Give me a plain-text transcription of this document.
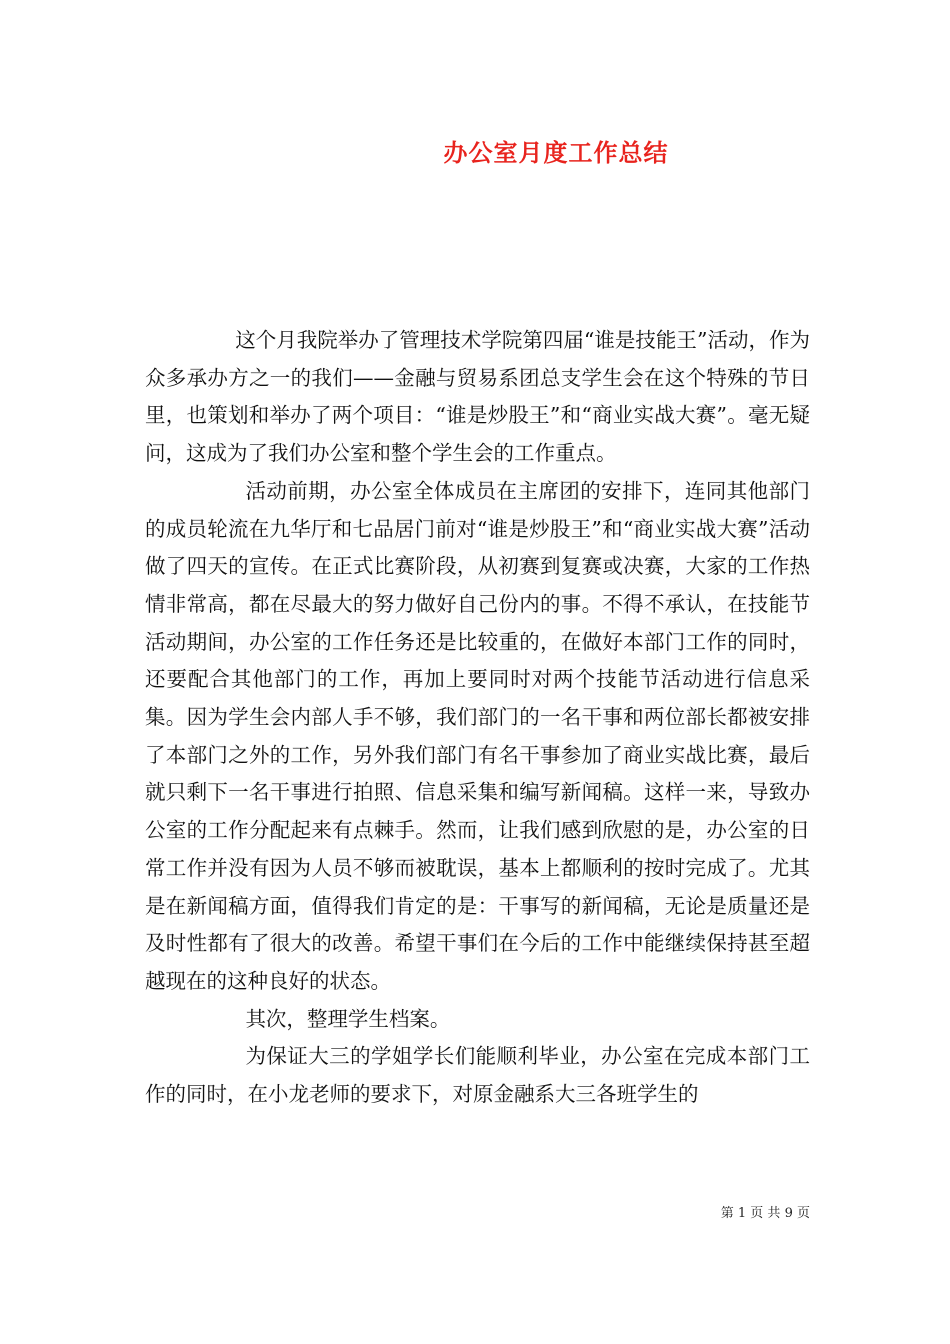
办公室月度工作总结

这个月我院举办了管理技术学院第四届“谁是技能王”活动，作为众多承办方之一的我们——金融与贸易系团总支学生会在这个特殊的节日里，也策划和举办了两个项目：“谁是炒股王”和“商业实战大赛”。毫无疑问，这成为了我们办公室和整个学生会的工作重点。

活动前期，办公室全体成员在主席团的安排下，连同其他部门的成员轮流在九华厅和七品居门前对“谁是炒股王”和“商业实战大赛”活动做了四天的宣传。在正式比赛阶段，从初赛到复赛或决赛，大家的工作热情非常高，都在尽最大的努力做好自己份内的事。不得不承认，在技能节活动期间，办公室的工作任务还是比较重的，在做好本部门工作的同时，还要配合其他部门的工作，再加上要同时对两个技能节活动进行信息采集。因为学生会内部人手不够，我们部门的一名干事和两位部长都被安排了本部门之外的工作，另外我们部门有名干事参加了商业实战比赛，最后就只剩下一名干事进行拍照、信息采集和编写新闻稿。这样一来，导致办公室的工作分配起来有点棘手。然而，让我们感到欣慰的是，办公室的日常工作并没有因为人员不够而被耽误，基本上都顺利的按时完成了。尤其是在新闻稿方面，值得我们肯定的是：干事写的新闻稿，无论是质量还是及时性都有了很大的改善。希望干事们在今后的工作中能继续保持甚至超越现在的这种良好的状态。

其次，整理学生档案。

为保证大三的学姐学长们能顺利毕业，办公室在完成本部门工作的同时，在小龙老师的要求下，对原金融系大三各班学生的

第 1 页 共 9 页
